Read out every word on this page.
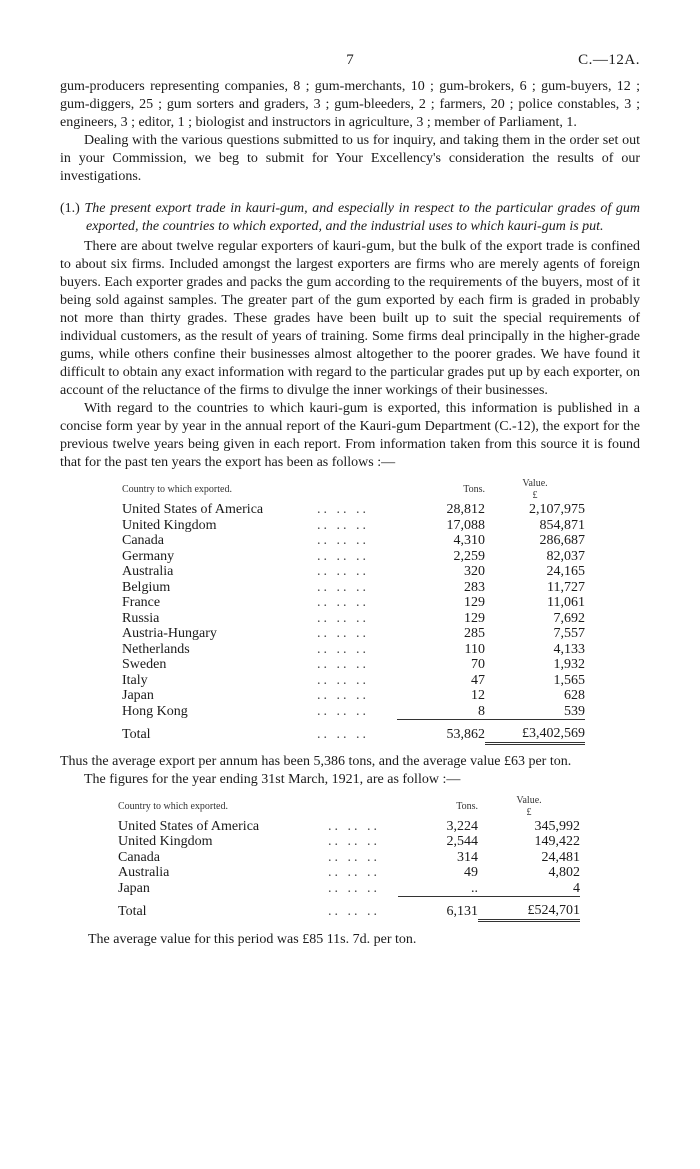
7	C.—12A.

gum-producers representing companies, 8 ; gum-merchants, 10 ; gum-brokers, 6 ; gum-buyers, 12 ; gum-diggers, 25 ; gum sorters and graders, 3 ; gum-bleeders, 2 ; farmers, 20 ; police constables, 3 ; engineers, 3 ; editor, 1 ; biologist and instructors in agriculture, 3 ; member of Parliament, 1.

Dealing with the various questions submitted to us for inquiry, and taking them in the order set out in your Commission, we beg to submit for Your Excellency's consideration the results of our investigations.

(1.) The present export trade in kauri-gum, and especially in respect to the particular grades of gum exported, the countries to which exported, and the industrial uses to which kauri-gum is put.

There are about twelve regular exporters of kauri-gum, but the bulk of the export trade is confined to about six firms. Included amongst the largest exporters are firms who are merely agents of foreign buyers. Each exporter grades and packs the gum according to the requirements of the buyers, most of it being sold against samples. The greater part of the gum exported by each firm is graded in probably not more than thirty grades. These grades have been built up to suit the special requirements of individual customers, as the result of years of training. Some firms deal principally in the higher-grade gums, while others confine their businesses almost altogether to the poorer grades. We have found it difficult to obtain any exact information with regard to the particular grades put up by each exporter, on account of the reluctance of the firms to divulge the inner workings of their businesses.

With regard to the countries to which kauri-gum is exported, this information is published in a concise form year by year in the annual report of the Kauri-gum Department (C.-12), the export for the previous twelve years being given in each report. From information taken from this source it is found that for the past ten years the export has been as follows :—

Country to which exported.		Tons.	Value.
£

United States of America	.. .. ..	28,812	2,107,975
United Kingdom	.. .. ..	17,088	854,871
Canada	.. .. ..	4,310	286,687
Germany	.. .. ..	2,259	82,037
Australia	.. .. ..	320	24,165
Belgium	.. .. ..	283	11,727
France	.. .. ..	129	11,061
Russia	.. .. ..	129	7,692
Austria-Hungary	.. .. ..	285	7,557
Netherlands	.. .. ..	110	4,133
Sweden	.. .. ..	70	1,932
Italy	.. .. ..	47	1,565
Japan	.. .. ..	12	628
Hong Kong	.. .. ..	8	539
Total	.. .. ..	53,862	£3,402,569

Thus the average export per annum has been 5,386 tons, and the average value £63 per ton.

The figures for the year ending 31st March, 1921, are as follow :—

Country to which exported.		Tons.	Value.
£

United States of America	.. .. ..	3,224	345,992
United Kingdom	.. .. ..	2,544	149,422
Canada	.. .. ..	314	24,481
Australia	.. .. ..	49	4,802
Japan	.. .. ..	..	4
Total	.. .. ..	6,131	£524,701
The average value for this period was £85 11s. 7d. per ton.
